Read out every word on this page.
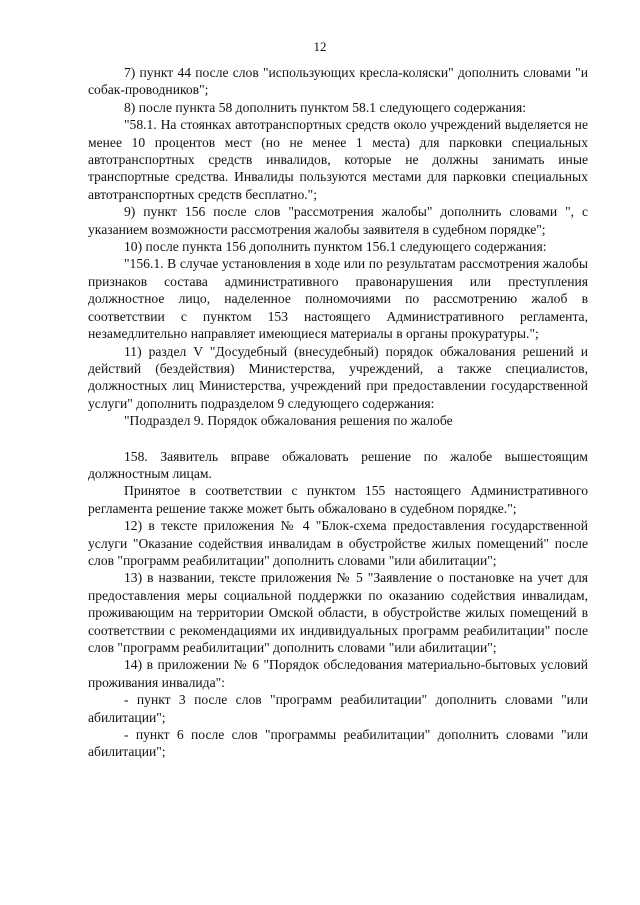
12

7) пункт 44 после слов "использующих кресла-коляски" дополнить словами "и собак-проводников";

8) после пункта 58 дополнить пунктом 58.1 следующего содержания:

"58.1. На стоянках автотранспортных средств около учреждений выделяется не менее 10 процентов мест (но не менее 1 места) для парковки специальных автотранспортных средств инвалидов, которые не должны занимать иные транспортные средства. Инвалиды пользуются местами для парковки специальных автотранспортных средств бесплатно.";

9) пункт 156 после слов "рассмотрения жалобы" дополнить словами ", с указанием возможности рассмотрения жалобы заявителя в судебном порядке";

10) после пункта 156 дополнить пунктом 156.1 следующего содержания:

"156.1. В случае установления в ходе или по результатам рассмотрения жалобы признаков состава административного правонарушения или преступления должностное лицо, наделенное полномочиями по рассмотрению жалоб в соответствии с пунктом 153 настоящего Административного регламента, незамедлительно направляет имеющиеся материалы в органы прокуратуры.";

11) раздел V "Досудебный (внесудебный) порядок обжалования решений и действий (бездействия) Министерства, учреждений, а также специалистов, должностных лиц Министерства, учреждений при предоставлении государственной услуги" дополнить подразделом 9 следующего содержания:

"Подраздел 9. Порядок обжалования решения по жалобе

158. Заявитель вправе обжаловать решение по жалобе вышестоящим должностным лицам.

Принятое в соответствии с пунктом 155 настоящего Административного регламента решение также может быть обжаловано в судебном порядке.";

12) в тексте приложения № 4 "Блок-схема предоставления государственной услуги "Оказание содействия инвалидам в обустройстве жилых помещений" после слов "программ реабилитации" дополнить словами "или абилитации";

13) в названии, тексте приложения № 5 "Заявление о постановке на учет для предоставления меры социальной поддержки по оказанию содействия инвалидам, проживающим на территории Омской области, в обустройстве жилых помещений в соответствии с рекомендациями их индивидуальных программ реабилитации" после слов "программ реабилитации" дополнить словами "или абилитации";

14) в приложении № 6 "Порядок обследования материально-бытовых условий проживания инвалида":

- пункт 3 после слов "программ реабилитации" дополнить словами "или абилитации";

- пункт 6 после слов "программы реабилитации" дополнить словами "или абилитации";
